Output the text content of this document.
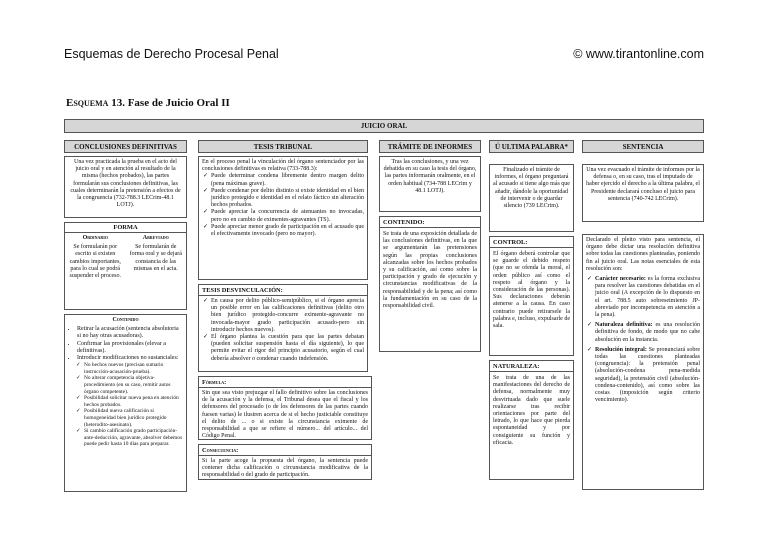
Esquemas de Derecho Procesal Penal	© www.tirantonline.com
Esquema 13. Fase de Juicio Oral II
JUICIO ORAL
CONCLUSIONES DEFINITIVAS

Una vez practicada la prueba en el acto del juicio oral y en atención al resultado de la misma (hechos probados), las partes formularán sus conclusiones definitivas, las cuales determinarán la pretensión a efectos de la congruencia (732-788.3 LECrim-48.1 LOTJ).

FORMA
Ordinario

Se formularán por escrito si existen cambios importantes, para lo cual se podrá suspender el proceso.

Abreviado

Se formularán de forma oral y se dejará constancia de las mismas en el acta.

Contenido
• Retirar la acusación (sentencia absolutoria si no hay otras acusadoras).
• Confirmar las provisionales (elevar a definitivas).
• Introducir modificaciones no sustanciales:
✓ No hechos nuevos (precisan sumario instrucción-acusación-prueba).
✓ No alterar competencia objetiva-procedimiento (en su caso, remitir autos órgano competente).
✓ Posibilidad solicitar nueva pena en atención hechos probados.
✓ Posibilidad nueva calificación si homogeneidad bien jurídico protegido (heterodito-asesinato).
✓ Si cambio calificación grado participación-ante-deducción, agravante, absolver debemos puede pedir hasta 10 días para preparar.
TESIS TRIBUNAL

En el proceso penal la vinculación del órgano sentenciador por las conclusiones definitivas es relativa (733-788.3):

✓ Puede determinar condena libremente dentro margen delito (pena máximas grave).
✓ Puede condenar por delito distinto si existe identidad en el bien jurídico protegido e identidad en el relato fáctico sin alteración hechos probados.
✓ Puede apreciar la concurrencia de atenuantes no invocadas, pero no en cambio de eximentes-agravantes (TS).
✓ Puede apreciar menor grado de participación en el acusado que el efectivamente invocado (pero no mayor).
TESIS DESVINCULACIÓN:
✓ En causa por delito público-semipúblico, si el órgano aprecia un posible error en las calificaciones definitivas (delito otro bien jurídico protegido-concurre eximente-agravante no invocada-mayor grado participación acusado-pero sin introducir hechos nuevos).
✓ El órgano plantea la cuestión para que las partes debatan (pueden solicitar suspensión hasta el día siguiente), lo que permite evitar el rigor del principio acusatorio, según el cual debería absolver o condenar cuando indefensión.
Fórmula:

Sin que sea visto prejuzgar el fallo definitivo sobre las conclusiones de la acusación y la defensa, el Tribunal desea que el fiscal y los defensores del procesado (o de los defensores de las partes cuando fuesen varias) le ilustren acerca de si el hecho justiciable constituye el delito de ... o si existe la circunstancia eximente de responsabilidad a que se refiere el número... del artículo... del Código Penal.

Consecuencia:

Si la parte acoge la propuesta del órgano, la sentencia puede contener dicha calificación o circunstancia modificativa de la responsabilidad o del grado de participación.

TRÁMITE DE INFORMES

Tras las conclusiones, y una vez debatida en su caso la tesis del órgano, las partes informarán oralmente, en el orden habitual (734-788 LECrim y 48.1 LOTJ).

CONTENIDO:

Se trata de una exposición detallada de las conclusiones definitivas, en la que se argumentarán las pretensiones según las propias conclusiones alcanzadas sobre los hechos probados y su calificación, así como sobre la participación y grado de ejecución y circunstancias modificativas de la responsabilidad y de la pena; así como la fundamentación en su caso de la responsabilidad civil.

Ú ULTIMA PALABRA*

Finalizado el trámite de informes, el órgano preguntará al acusado si tiene algo más que añadir, dándole la oportunidad de intervenir o de guardar silencio (739 LECrim).

CONTROL:

El órgano deberá controlar que se guarde el debido respeto (que no se ofenda la moral, el orden público así como el respeto al órgano y la consideración de las personas). Sus declaraciones deberán atenerse a la causa. En caso contrario puede retirarsele la palabra e, incluso, expulsarle de sala.

NATURALEZA:

Se trata de una de las manifestaciones del derecho de defensa, normalmente muy desvirtuada dado que suele realizarse tras recibir orientaciones por parte del letrado, lo que hace que pierda espontaneidad y por consiguiente su función y eficacia.

SENTENCIA

Una vez evacuado el trámite de informes por la defensa o, en su caso, tras el imputado de haber ejercido el derecho a la última palabra, el Presidente declarará concluso el juicio para sentencia (740-742 LECrim).

Declarado el pleito visto para sentencia, el órgano debe dictar una resolución definitiva sobre todas las cuestiones planteadas, poniendo fin al juicio oral. Las notas esenciales de esta resolución son:

✓ Carácter necesario: es la forma exclusiva para resolver las cuestiones debatidas en el juicio oral (A excepción de lo dispuesto en el art. 788.5 auto sobreseimiento JP-abreviado por incompetencia en atención a la pena).
✓ Naturaleza definitiva: es una resolución definitiva de fondo, de modo que no cabe absolución en la instancia.
✓ Resolución integral: Se pronunciará sobre todas las cuestiones planteadas (congruencia): la pretensión penal (absolución-condena pena-medida seguridad), la pretensión civil (absolución-condena-contenido), así como sobre las costas (imposición según criterio vencimiento).
